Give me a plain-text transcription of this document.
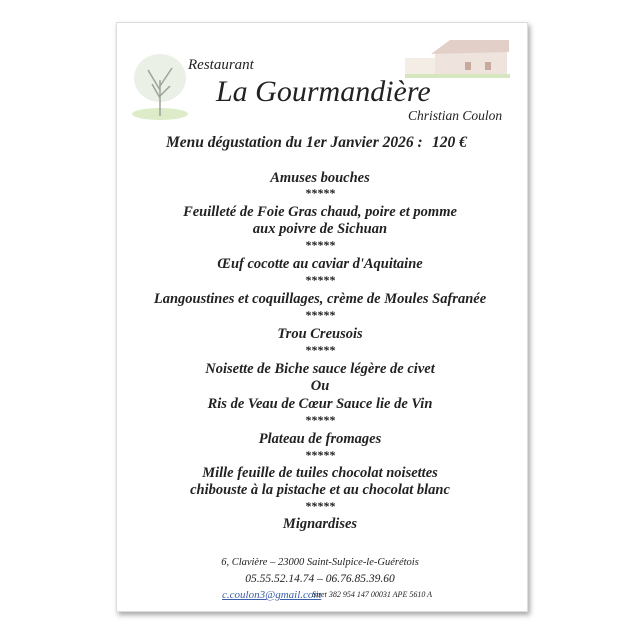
Restaurant
La Gourmandière
Christian Coulon
Menu dégustation du 1er Janvier 2026 : 120 €
Amuses bouches
*****
Feuilleté de Foie Gras chaud, poire et pomme
aux poivre de Sichuan
*****
Œuf cocotte au caviar d'Aquitaine
*****
Langoustines et coquillages, crème de Moules Safranée
*****
Trou Creusois
*****
Noisette de Biche sauce légère de civet
Ou
Ris de Veau de Cœur Sauce lie de Vin
*****
Plateau de fromages
*****
Mille feuille de tuiles chocolat noisettes
chibouste à la pistache et au chocolat blanc
*****
Mignardises
6, Clavière – 23000 Saint-Sulpice-le-Guérétois
05.55.52.14.74 – 06.76.85.39.60
c.coulon3@gmail.com
Siret 382 954 147 00031 APE 5610 A
